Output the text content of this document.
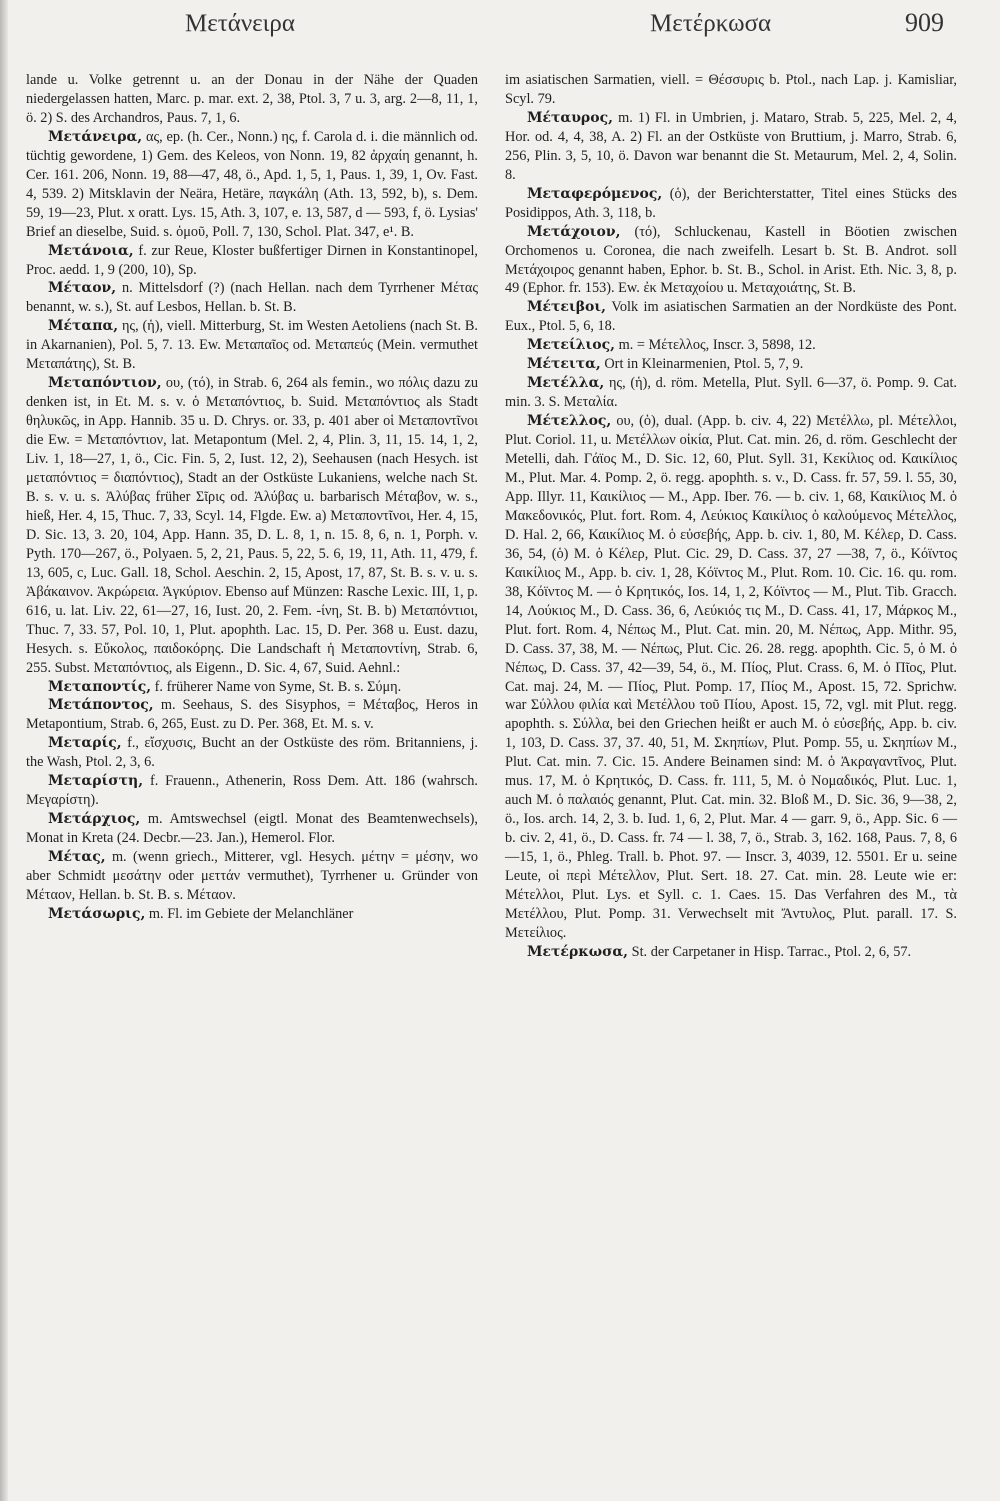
Μετάνειρα	Μετέρκωσα	909

lande u. Volke getrennt u. an der Donau in der Nähe der Quaden niedergelassen hatten, Marc. p. mar. ext. 2, 38, Ptol. 3, 7 u. 3, arg. 2—8, 11, 1, ö. 2) S. des Archandros, Paus. 7, 1, 6.

Μετάνειρα, ας, ep. (h. Cer., Nonn.) ης, f. Carola d. i. die männlich od. tüchtig gewordene, 1) Gem. des Keleos, von Nonn. 19, 82 ἀρχαίη genannt, h. Cer. 161. 206, Nonn. 19, 88—47, 48, ö., Apd. 1, 5, 1, Paus. 1, 39, 1, Ov. Fast. 4, 539. 2) Mitsklavin der Neära, Hetäre, παγκάλη (Ath. 13, 592, b), s. Dem. 59, 19—23, Plut. x oratt. Lys. 15, Ath. 3, 107, e. 13, 587, d — 593, f, ö. Lysias' Brief an dieselbe, Suid. s. ὁμοῦ, Poll. 7, 130, Schol. Plat. 347, e¹. B.

Μετάνοια, f. zur Reue, Kloster bußfertiger Dirnen in Konstantinopel, Proc. aedd. 1, 9 (200, 10), Sp.

Μέταον, n. Mittelsdorf (?) (nach Hellan. nach dem Tyrrhener Μέτας benannt, w. s.), St. auf Lesbos, Hellan. b. St. B.

Μέταπα, ης, (ἡ), viell. Mitterburg, St. im Westen Aetoliens (nach St. B. in Akarnanien), Pol. 5, 7. 13. Ew. Μεταπαῖος od. Μεταπεύς (Mein. vermuthet Μεταπάτης), St. B.

Μεταπόντιον, ου, (τό), in Strab. 6, 264 als femin., wo πόλις dazu zu denken ist, in Et. M. s. v. ὁ Μεταπόντιος, b. Suid. Μεταπόντιος als Stadt θηλυκῶς, in App. Hannib. 35 u. D. Chrys. or. 33, p. 401 aber οἱ Μεταποντῖνοι die Ew. = Μεταπόντιον, lat. Metapontum (Mel. 2, 4, Plin. 3, 11, 15. 14, 1, 2, Liv. 1, 18—27, 1, ö., Cic. Fin. 5, 2, Iust. 12, 2), Seehausen (nach Hesych. ist μεταπόντιος = διαπόντιος), Stadt an der Ostküste Lukaniens, welche nach St. B. s. v. u. s. Ἀλύβας früher Σῖρις od. Ἀλύβας u. barbarisch Μέταβον, w. s., hieß, Her. 4, 15, Thuc. 7, 33, Scyl. 14, Flgde. Ew. a) Μεταποντῖνοι, Her. 4, 15, D. Sic. 13, 3. 20, 104, App. Hann. 35, D. L. 8, 1, n. 15. 8, 6, n. 1, Porph. v. Pyth. 170—267, ö., Polyaen. 5, 2, 21, Paus. 5, 22, 5. 6, 19, 11, Ath. 11, 479, f. 13, 605, c, Luc. Gall. 18, Schol. Aeschin. 2, 15, Apost, 17, 87, St. B. s. v. u. s. Ἀβάκαινον. Ἀκρώρεια. Ἀγκύριον. Ebenso auf Münzen: Rasche Lexic. III, 1, p. 616, u. lat. Liv. 22, 61—27, 16, Iust. 20, 2. Fem. -ίνη, St. B. b) Μεταπόντιοι, Thuc. 7, 33. 57, Pol. 10, 1, Plut. apophth. Lac. 15, D. Per. 368 u. Eust. dazu, Hesych. s. Εὔκολος, παιδοκόρης. Die Landschaft ἡ Μεταποντίνη, Strab. 6, 255. Subst. Μεταπόντιος, als Eigenn., D. Sic. 4, 67, Suid. Aehnl.:

Μεταποντίς, f. früherer Name von Syme, St. B. s. Σύμη.

Μετάποντος, m. Seehaus, S. des Sisyphos, = Μέταβος, Heros in Metapontium, Strab. 6, 265, Eust. zu D. Per. 368, Et. M. s. v.

Μεταρίς, f., εἴσχυσις, Bucht an der Ostküste des röm. Britanniens, j. the Wash, Ptol. 2, 3, 6.

Μεταρίστη, f. Frauenn., Athenerin, Ross Dem. Att. 186 (wahrsch. Μεγαρίστη).

Μετάρχιος, m. Amtswechsel (eigtl. Monat des Beamtenwechsels), Monat in Kreta (24. Decbr.—23. Jan.), Hemerol. Flor.

Μέτας, m. (wenn griech., Mitterer, vgl. Hesych. μέτην = μέσην, wo aber Schmidt μεσάτην oder μεττάν vermuthet), Tyrrhener u. Gründer von Μέταον, Hellan. b. St. B. s. Μέταον.

Μετάσωρις, m. Fl. im Gebiete der Melanchläner

im asiatischen Sarmatien, viell. = Θέσσυρις b. Ptol., nach Lap. j. Kamisliar, Scyl. 79.

Μέταυρος, m. 1) Fl. in Umbrien, j. Mataro, Strab. 5, 225, Mel. 2, 4, Hor. od. 4, 4, 38, A. 2) Fl. an der Ostküste von Bruttium, j. Marro, Strab. 6, 256, Plin. 3, 5, 10, ö. Davon war benannt die St. Metaurum, Mel. 2, 4, Solin. 8.

Μεταφερόμενος, (ὁ), der Berichterstatter, Titel eines Stücks des Posidippos, Ath. 3, 118, b.

Μετάχοιον, (τό), Schluckenau, Kastell in Böotien zwischen Orchomenos u. Coronea, die nach zweifelh. Lesart b. St. B. Androt. soll Μετάχοιρος genannt haben, Ephor. b. St. B., Schol. in Arist. Eth. Nic. 3, 8, p. 49 (Ephor. fr. 153). Ew. ἐκ Μεταχοίου u. Μεταχοιάτης, St. B.

Μέτειβοι, Volk im asiatischen Sarmatien an der Nordküste des Pont. Eux., Ptol. 5, 6, 18.

Μετείλιος, m. = Μέτελλος, Inscr. 3, 5898, 12.

Μέτειτα, Ort in Kleinarmenien, Ptol. 5, 7, 9.

Μετέλλα, ης, (ἡ), d. röm. Metella, Plut. Syll. 6—37, ö. Pomp. 9. Cat. min. 3. S. Μεταλία.

Μέτελλος, ου, (ὁ), dual. (App. b. civ. 4, 22) Μετέλλω, pl. Μέτελλοι, Plut. Coriol. 11, u. Μετέλλων οἰκία, Plut. Cat. min. 26, d. röm. Geschlecht der Metelli, dah. Γάϊος Μ., D. Sic. 12, 60, Plut. Syll. 31, Κεκίλιος od. Καικίλιος Μ., Plut. Mar. 4. Pomp. 2, ö. regg. apophth. s. v., D. Cass. fr. 57, 59. l. 55, 30, App. Illyr. 11, Καικίλιος — Μ., App. Iber. 76. — b. civ. 1, 68, Καικίλιος Μ. ὁ Μακεδονικός, Plut. fort. Rom. 4, Λεύκιος Καικίλιος ὁ καλούμενος Μέτελλος, D. Hal. 2, 66, Καικίλιος Μ. ὁ εὐσεβής, App. b. civ. 1, 80, Μ. Κέλερ, D. Cass. 36, 54, (ὁ) Μ. ὁ Κέλερ, Plut. Cic. 29, D. Cass. 37, 27 —38, 7, ö., Κόϊντος Καικίλιος Μ., App. b. civ. 1, 28, Κόϊντος Μ., Plut. Rom. 10. Cic. 16. qu. rom. 38, Κόϊντος Μ. — ὁ Κρητικός, Ios. 14, 1, 2, Κόϊντος — Μ., Plut. Tib. Gracch. 14, Λούκιος Μ., D. Cass. 36, 6, Λεύκιός τις Μ., D. Cass. 41, 17, Μάρκος Μ., Plut. fort. Rom. 4, Νέπως Μ., Plut. Cat. min. 20, Μ. Νέπως, App. Mithr. 95, D. Cass. 37, 38, Μ. — Νέπως, Plut. Cic. 26. 28. regg. apophth. Cic. 5, ὁ Μ. ὁ Νέπως, D. Cass. 37, 42—39, 54, ö., Μ. Πίος, Plut. Crass. 6, Μ. ὁ Πῖος, Plut. Cat. maj. 24, Μ. — Πίος, Plut. Pomp. 17, Πίος Μ., Apost. 15, 72. Sprichw. war Σύλλου φιλία καὶ Μετέλλου τοῦ Πίου, Apost. 15, 72, vgl. mit Plut. regg. apophth. s. Σύλλα, bei den Griechen heißt er auch Μ. ὁ εὐσεβής, App. b. civ. 1, 103, D. Cass. 37, 37. 40, 51, Μ. Σκηπίων, Plut. Pomp. 55, u. Σκηπίων Μ., Plut. Cat. min. 7. Cic. 15. Andere Beinamen sind: Μ. ὁ Ἀκραγαντῖνος, Plut. mus. 17, Μ. ὁ Κρητικός, D. Cass. fr. 111, 5, Μ. ὁ Νομαδικός, Plut. Luc. 1, auch Μ. ὁ παλαιός genannt, Plut. Cat. min. 32. Bloß Μ., D. Sic. 36, 9—38, 2, ö., Ios. arch. 14, 2, 3. b. Iud. 1, 6, 2, Plut. Mar. 4 — garr. 9, ö., App. Sic. 6 — b. civ. 2, 41, ö., D. Cass. fr. 74 — l. 38, 7, ö., Strab. 3, 162. 168, Paus. 7, 8, 6—15, 1, ö., Phleg. Trall. b. Phot. 97. — Inscr. 3, 4039, 12. 5501. Er u. seine Leute, οἱ περὶ Μέτελλον, Plut. Sert. 18. 27. Cat. min. 28. Leute wie er: Μέτελλοι, Plut. Lys. et Syll. c. 1. Caes. 15. Das Verfahren des Μ., τὰ Μετέλλου, Plut. Pomp. 31. Verwechselt mit Ἄντυλος, Plut. parall. 17. S. Μετείλιος.

Μετέρκωσα, St. der Carpetaner in Hisp. Tarrac., Ptol. 2, 6, 57.
